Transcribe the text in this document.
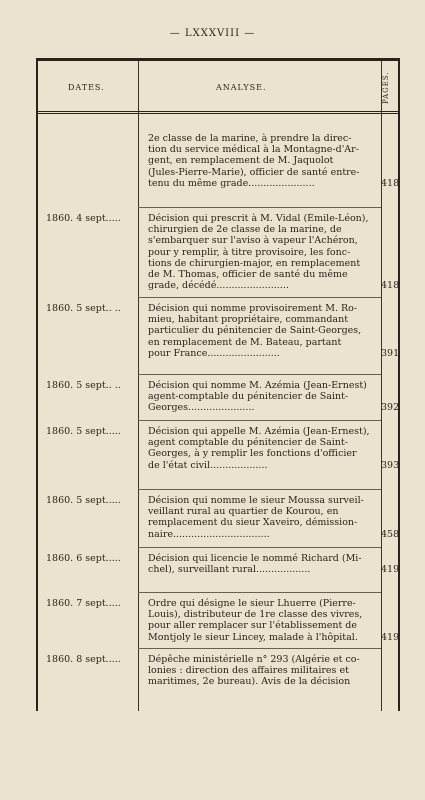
— LXXXVIII —
DATES.	ANALYSE.	PAGES.
2e classe de la marine, à prendre la direc-
tion du service médical à la Montagne-d'Ar-
gent, en remplacement de M. Jaquolot
(Jules-Pierre-Marie), officier de santé entre-
tenu du même grade......................	418
1860. 4 sept.....	Décision qui prescrit à M. Vidal (Émile-Léon),
chirurgien de 2e classe de la marine, de
s'embarquer sur l'aviso à vapeur l'Achéron,
pour y remplir, à titre provisoire, les fonc-
tions de chirurgien-major, en remplacement
de M. Thomas, officier de santé du même
grade, décédé........................	418
1860. 5 sept.. ..	Décision qui nomme provisoirement M. Ro-
mieu, habitant propriétaire, commandant
particulier du pénitencier de Saint-Georges,
en remplacement de M. Bateau, partant
pour France........................	391
1860. 5 sept.. ..	Décision qui nomme M. Azémia (Jean-Ernest)
agent-comptable du pénitencier de Saint-
Georges......................	392
1860. 5 sept.....	Décision qui appelle M. Azémia (Jean-Ernest),
agent comptable du pénitencier de Saint-
Georges, à y remplir les fonctions d'officier
de l'état civil...................	393
1860. 5 sept.....	Décision qui nomme le sieur Moussa surveil-
veillant rural au quartier de Kourou, en
remplacement du sieur Xaveiro, démission-
naire................................	458
1860. 6 sept.....	Décision qui licencie le nommé Richard (Mi-
chel), surveillant rural..................	419
1860. 7 sept.....	Ordre qui désigne le sieur Lhuerre (Pierre-
Louis), distributeur de 1re classe des vivres,
pour aller remplacer sur l'établissement de
Montjoly le sieur Lincey, malade à l'hôpital.	419
1860. 8 sept.....	Dépêche ministérielle n° 293 (Algérie et co-
lonies : direction des affaires militaires et
maritimes, 2e bureau). Avis de la décision
